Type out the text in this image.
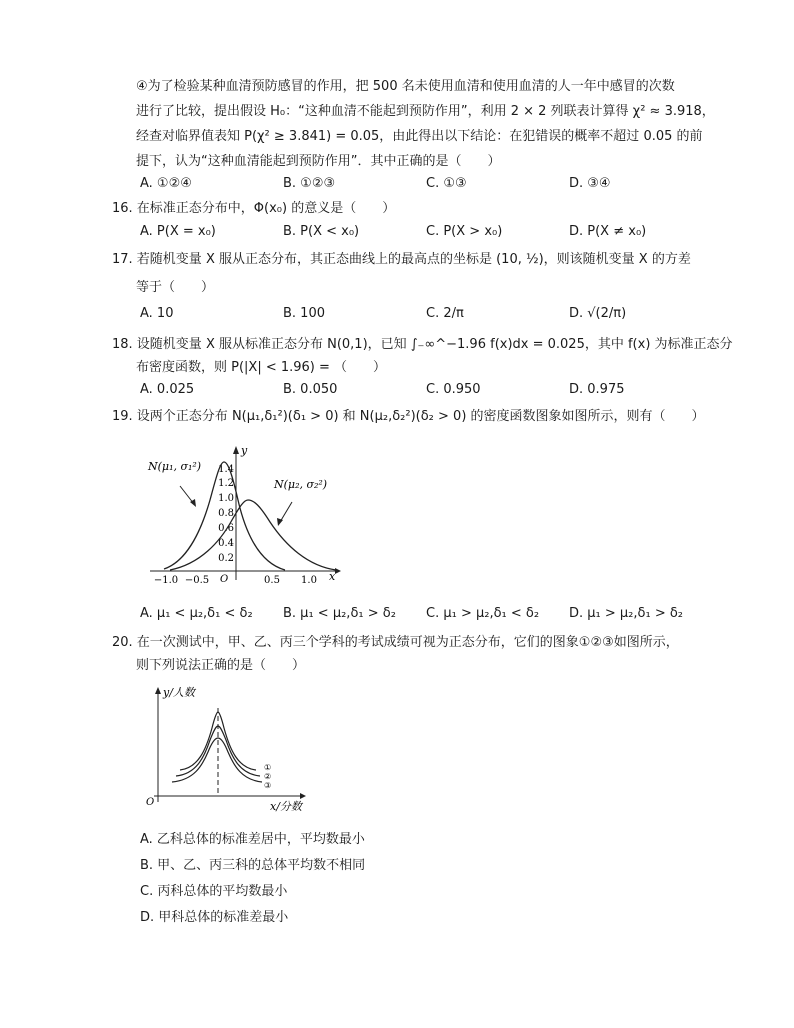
④为了检验某种血清预防感冒的作用，把 500 名未使用血清和使用血清的人一年中感冒的次数
进行了比较，提出假设 H₀：“这种血清不能起到预防作用”，利用 2 × 2 列联表计算得 χ² ≈ 3.918，
经查对临界值表知 P(χ² ≥ 3.841) = 0.05，由此得出以下结论：在犯错误的概率不超过 0.05 的前
提下，认为“这种血清能起到预防作用”．其中正确的是（　　）
A. ①②④	B. ①②③	C. ①③	D. ③④
16. 在标准正态分布中，Φ(x₀) 的意义是（　　）
A. P(X = x₀)	B. P(X < x₀)	C. P(X > x₀)	D. P(X ≠ x₀)
17. 若随机变量 X 服从正态分布，其正态曲线上的最高点的坐标是 (10, ½)，则该随机变量 X 的方差
等于（　　）
A. 10	B. 100	C. 2/π	D. √(2/π)
18. 设随机变量 X 服从标准正态分布 N(0,1)，已知 ∫₋∞^−1.96 f(x)dx = 0.025，其中 f(x) 为标准正态分
布密度函数，则 P(|X| < 1.96) = （　　）
A. 0.025	B. 0.050	C. 0.950	D. 0.975
19. 设两个正态分布 N(μ₁,δ₁²)(δ₁ > 0) 和 N(μ₂,δ₂²)(δ₂ > 0) 的密度函数图象如图所示，则有（　　）
y
x
O
1.4
1.2
1.0
0.8
0.6
0.4
0.2
−1.0 −0.5	0.5 1.0
N(μ₁, σ₁²)
N(μ₂, σ₂²)
A. μ₁ < μ₂,δ₁ < δ₂ B. μ₁ < μ₂,δ₁ > δ₂ C. μ₁ > μ₂,δ₁ < δ₂ D. μ₁ > μ₂,δ₁ > δ₂
20. 在一次测试中，甲、乙、丙三个学科的考试成绩可视为正态分布，它们的图象①②③如图所示，
则下列说法正确的是（　　）
y/人数
x/分数
O
①
②
③
A. 乙科总体的标准差居中，平均数最小
B. 甲、乙、丙三科的总体平均数不相同
C. 丙科总体的平均数最小
D. 甲科总体的标准差最小
